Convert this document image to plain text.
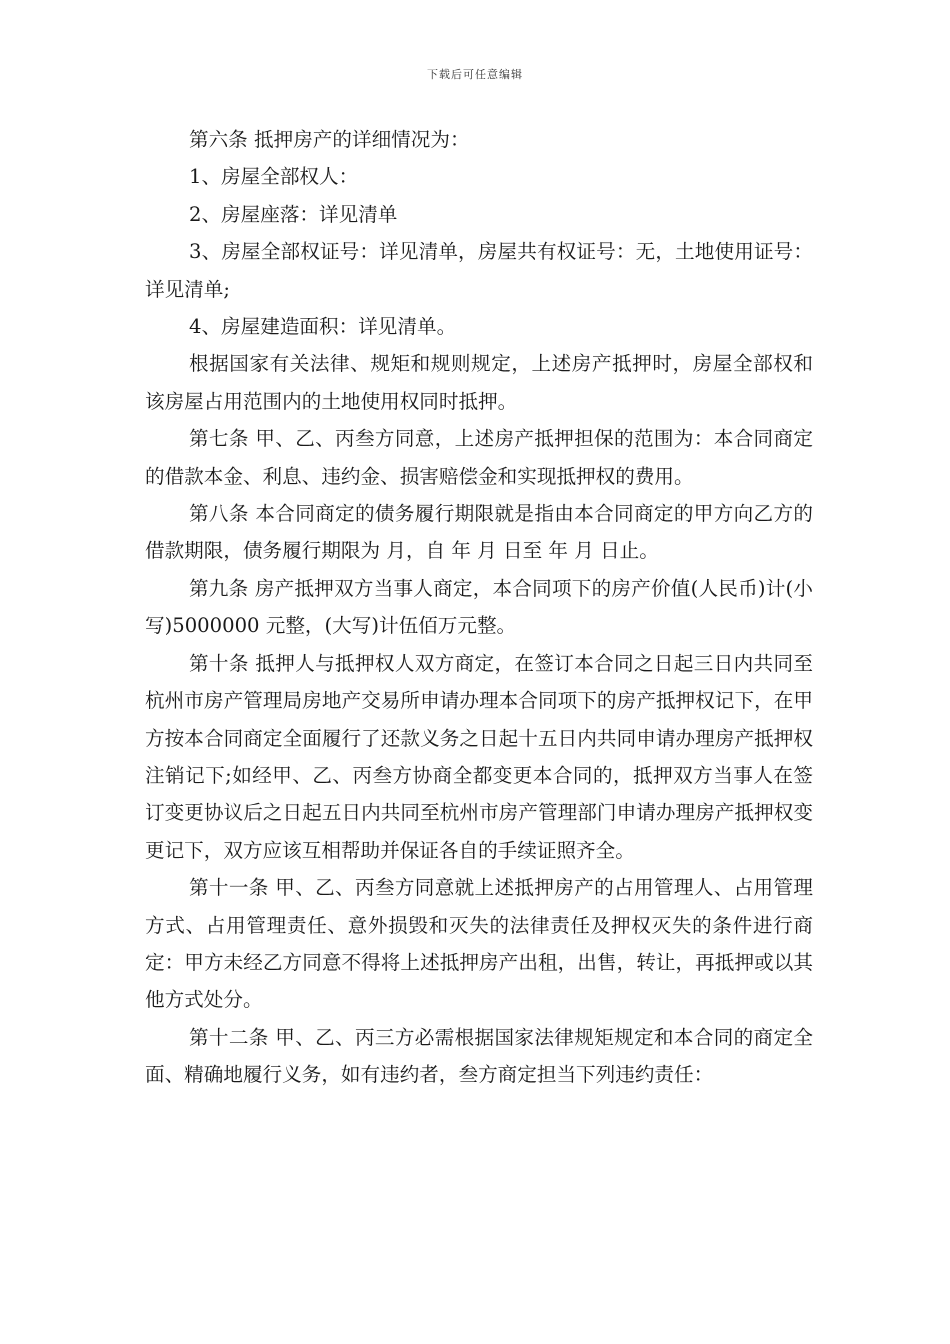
下载后可任意编辑

第六条 抵押房产的详细情况为：

1、房屋全部权人：

2、房屋座落：详见清单

3、房屋全部权证号：详见清单，房屋共有权证号：无，土地使用证号：详见清单;

4、房屋建造面积：详见清单。

根据国家有关法律、规矩和规则规定，上述房产抵押时，房屋全部权和该房屋占用范围内的土地使用权同时抵押。

第七条 甲、乙、丙叁方同意，上述房产抵押担保的范围为：本合同商定的借款本金、利息、违约金、损害赔偿金和实现抵押权的费用。

第八条 本合同商定的债务履行期限就是指由本合同商定的甲方向乙方的借款期限，债务履行期限为 月，自 年 月 日至 年 月 日止。

第九条 房产抵押双方当事人商定，本合同项下的房产价值(人民币)计(小写)5000000 元整，(大写)计伍佰万元整。

第十条 抵押人与抵押权人双方商定，在签订本合同之日起三日内共同至杭州市房产管理局房地产交易所申请办理本合同项下的房产抵押权记下，在甲方按本合同商定全面履行了还款义务之日起十五日内共同申请办理房产抵押权注销记下;如经甲、乙、丙叁方协商全都变更本合同的，抵押双方当事人在签订变更协议后之日起五日内共同至杭州市房产管理部门申请办理房产抵押权变更记下，双方应该互相帮助并保证各自的手续证照齐全。

第十一条 甲、乙、丙叁方同意就上述抵押房产的占用管理人、占用管理方式、占用管理责任、意外损毁和灭失的法律责任及押权灭失的条件进行商定：甲方未经乙方同意不得将上述抵押房产出租，出售，转让，再抵押或以其他方式处分。

第十二条 甲、乙、丙三方必需根据国家法律规矩规定和本合同的商定全面、精确地履行义务，如有违约者，叁方商定担当下列违约责任：
